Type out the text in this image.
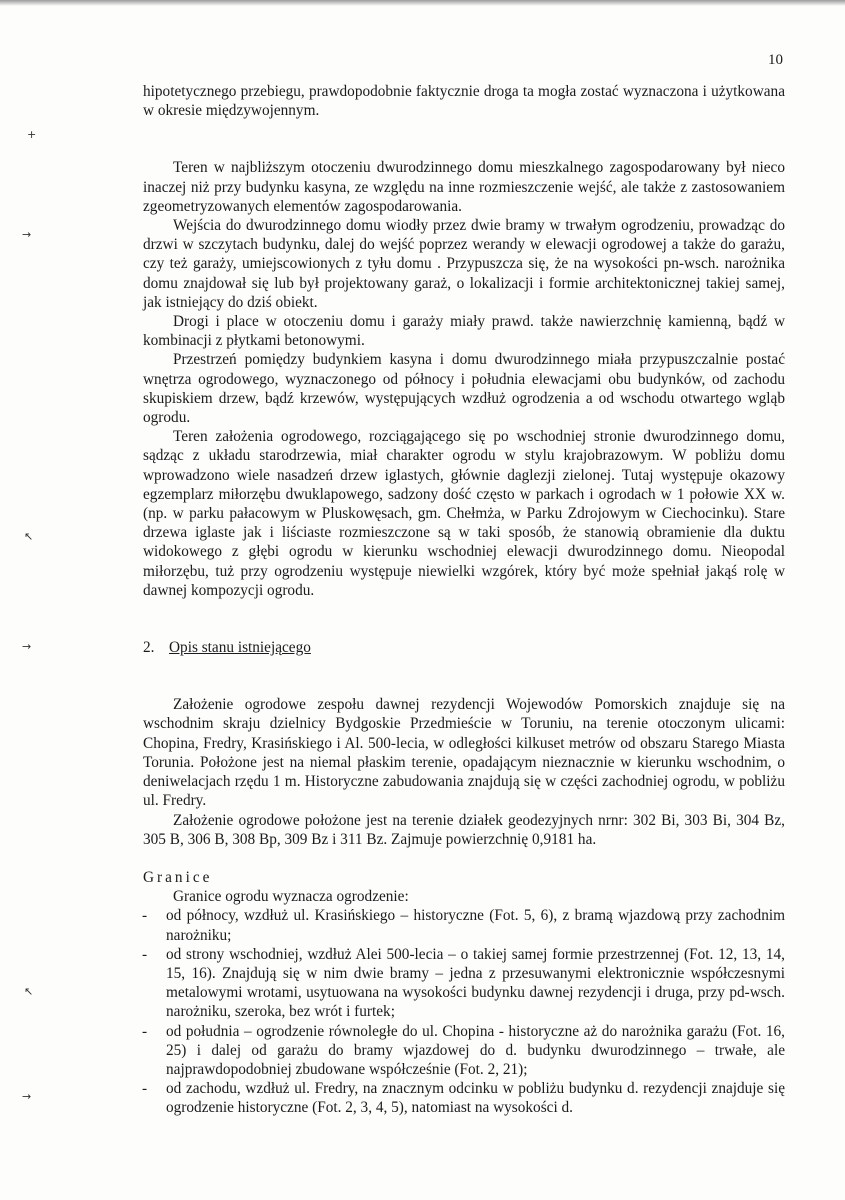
10
+
→
↖
→
↖
→

hipotetycznego przebiegu, prawdopodobnie faktycznie droga ta mogła zostać wyznaczona i użytkowana w okresie międzywojennym.

Teren w najbliższym otoczeniu dwurodzinnego domu mieszkalnego zagospodarowany był nieco inaczej niż przy budynku kasyna, ze względu na inne rozmieszczenie wejść, ale także z zastosowaniem zgeometryzowanych elementów zagospodarowania.

Wejścia do dwurodzinnego domu wiodły przez dwie bramy w trwałym ogrodzeniu, prowadząc do drzwi w szczytach budynku, dalej do wejść poprzez werandy w elewacji ogrodowej a także do garażu, czy też garaży, umiejscowionych z tyłu domu . Przypuszcza się, że na wysokości pn-wsch. narożnika domu znajdował się lub był projektowany garaż, o lokalizacji i formie architektonicznej takiej samej, jak istniejący do dziś obiekt.

Drogi i place w otoczeniu domu i garaży miały prawd. także nawierzchnię kamienną, bądź w kombinacji z płytkami betonowymi.

Przestrzeń pomiędzy budynkiem kasyna i domu dwurodzinnego miała przypuszczalnie postać wnętrza ogrodowego, wyznaczonego od północy i południa elewacjami obu budynków, od zachodu skupiskiem drzew, bądź krzewów, występujących wzdłuż ogrodzenia a od wschodu otwartego wgląb ogrodu.

Teren założenia ogrodowego, rozciągającego się po wschodniej stronie dwurodzinnego domu, sądząc z układu starodrzewia, miał charakter ogrodu w stylu krajobrazowym. W pobliżu domu wprowadzono wiele nasadzeń drzew iglastych, głównie daglezji zielonej. Tutaj występuje okazowy egzemplarz miłorzębu dwuklapowego, sadzony dość często w parkach i ogrodach w 1 połowie XX w. (np. w parku pałacowym w Pluskowęsach, gm. Chełmża, w Parku Zdrojowym w Ciechocinku). Stare drzewa iglaste jak i liściaste rozmieszczone są w taki sposób, że stanowią obramienie dla duktu widokowego z głębi ogrodu w kierunku wschodniej elewacji dwurodzinnego domu. Nieopodal miłorzębu, tuż przy ogrodzeniu występuje niewielki wzgórek, który być może spełniał jakąś rolę w dawnej kompozycji ogrodu.

2. Opis stanu istniejącego

Założenie ogrodowe zespołu dawnej rezydencji Wojewodów Pomorskich znajduje się na wschodnim skraju dzielnicy Bydgoskie Przedmieście w Toruniu, na terenie otoczonym ulicami: Chopina, Fredry, Krasińskiego i Al. 500-lecia, w odległości kilkuset metrów od obszaru Starego Miasta Torunia. Położone jest na niemal płaskim terenie, opadającym nieznacznie w kierunku wschodnim, o deniwelacjach rzędu 1 m. Historyczne zabudowania znajdują się w części zachodniej ogrodu, w pobliżu ul. Fredry.

Założenie ogrodowe położone jest na terenie działek geodezyjnych nrnr: 302 Bi, 303 Bi, 304 Bz, 305 B, 306 B, 308 Bp, 309 Bz i 311 Bz. Zajmuje powierzchnię 0,9181 ha.

Granice

Granice ogrodu wyznacza ogrodzenie:

- od północy, wzdłuż ul. Krasińskiego – historyczne (Fot. 5, 6), z bramą wjazdową przy zachodnim narożniku;
- od strony wschodniej, wzdłuż Alei 500-lecia – o takiej samej formie przestrzennej (Fot. 12, 13, 14, 15, 16). Znajdują się w nim dwie bramy – jedna z przesuwanymi elektronicznie współczesnymi metalowymi wrotami, usytuowana na wysokości budynku dawnej rezydencji i druga, przy pd-wsch. narożniku, szeroka, bez wrót i furtek;
- od południa – ogrodzenie równoległe do ul. Chopina - historyczne aż do narożnika garażu (Fot. 16, 25) i dalej od garażu do bramy wjazdowej do d. budynku dwurodzinnego – trwałe, ale najprawdopodobniej zbudowane współcześnie (Fot. 2, 21);
- od zachodu, wzdłuż ul. Fredry, na znacznym odcinku w pobliżu budynku d. rezydencji znajduje się ogrodzenie historyczne (Fot. 2, 3, 4, 5), natomiast na wysokości d.
